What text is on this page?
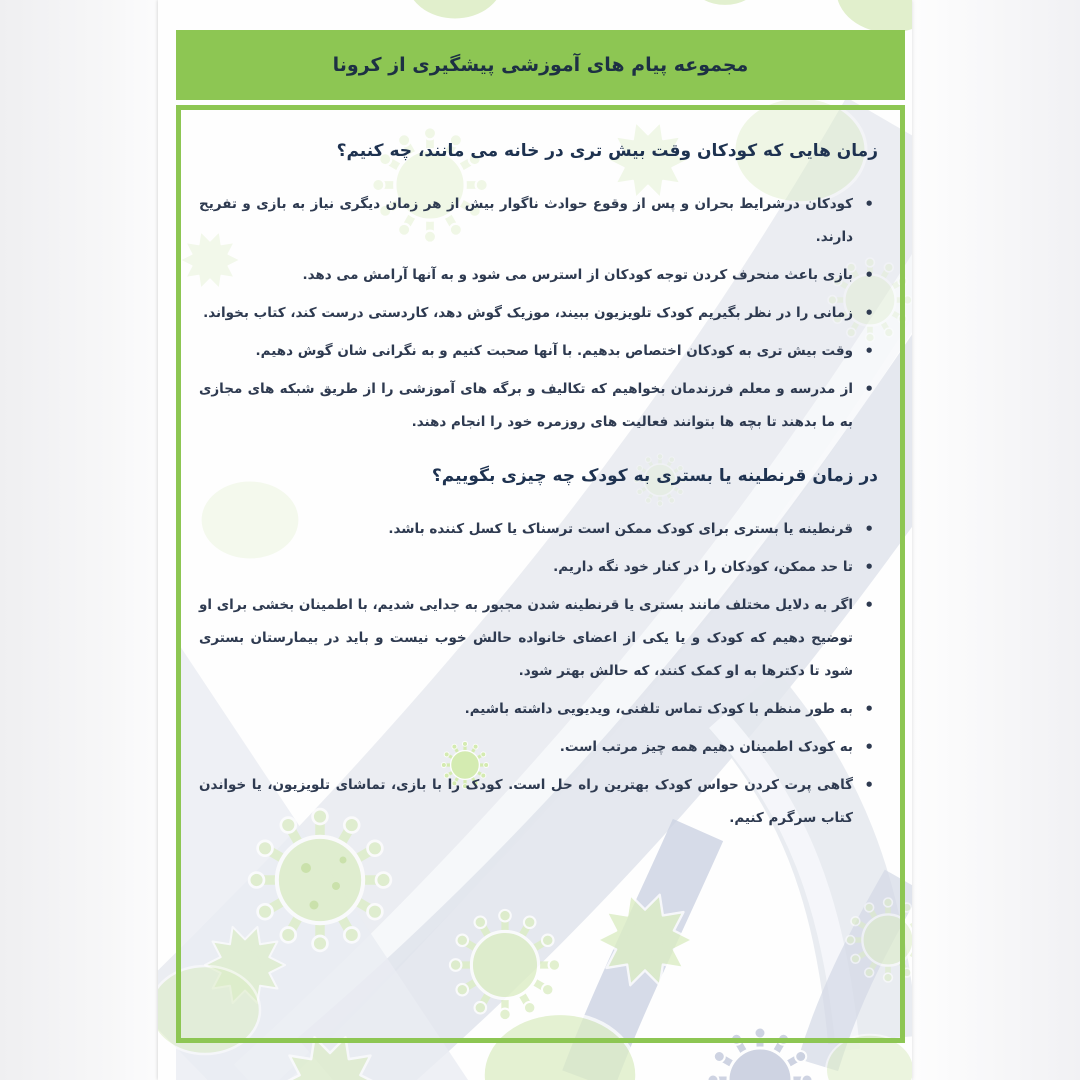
مجموعه پیام های آموزشی پیشگیری از کرونا
زمان هایی که کودکان وقت بیش تری در خانه می مانند، چه کنیم؟
• کودکان درشرایط بحران و پس از وقوع حوادث ناگوار بیش از هر زمان دیگری نیاز به بازی و تفریح دارند.
• بازی باعث منحرف کردن توجه کودکان از استرس می شود و به آنها آرامش می دهد.
• زمانی را در نظر بگیریم کودک تلویزیون ببیند، موزیک گوش دهد، کاردستی درست کند، کتاب بخواند.
• وقت بیش تری به کودکان اختصاص بدهیم. با آنها صحبت کنیم و به نگرانی شان گوش دهیم.
• از مدرسه و معلم فرزندمان بخواهیم که تکالیف و برگه های آموزشی را از طریق شبکه های مجازی به ما بدهند تا بچه ها بتوانند فعالیت های روزمره خود را انجام دهند.
در زمان قرنطینه یا بستری به کودک چه چیزی بگوییم؟
• قرنطینه یا بستری برای کودک ممکن است ترسناک یا کسل کننده باشد.
• تا حد ممکن، کودکان را در کنار خود نگه داریم.
• اگر به دلایل مختلف مانند بستری یا قرنطینه شدن مجبور به جدایی شدیم، با اطمینان بخشی برای او توضیح دهیم که کودک و یا یکی از اعضای خانواده حالش خوب نیست و باید در بیمارستان بستری شود تا دکترها به او کمک کنند، که حالش بهتر شود.
• به طور منظم با کودک تماس تلفنی، ویدیویی داشته باشیم.
• به کودک اطمینان دهیم همه چیز مرتب است.
• گاهی پرت کردن حواس کودک بهترین راه حل است. کودک را با بازی، تماشای تلویزیون، یا خواندن کتاب سرگرم کنیم.
